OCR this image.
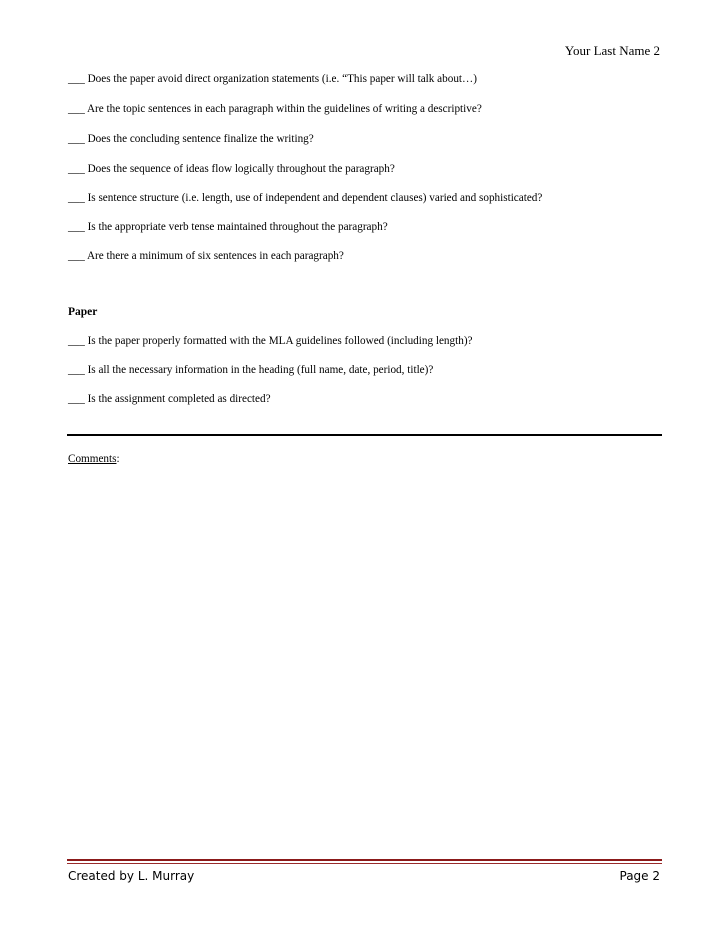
Your Last Name 2
___ Does the paper avoid direct organization statements (i.e. “This paper will talk about…)
___ Are the topic sentences in each paragraph within the guidelines of writing a descriptive?
___ Does the concluding sentence finalize the writing?
___ Does the sequence of ideas flow logically throughout the paragraph?
___ Is sentence structure (i.e. length, use of independent and dependent clauses) varied and sophisticated?
___ Is the appropriate verb tense maintained throughout the paragraph?
___ Are there a minimum of six sentences in each paragraph?
Paper
___ Is the paper properly formatted with the MLA guidelines followed (including length)?
___ Is all the necessary information in the heading (full name, date, period, title)?
___ Is the assignment completed as directed?
Comments:
Created by L. Murray	Page 2
